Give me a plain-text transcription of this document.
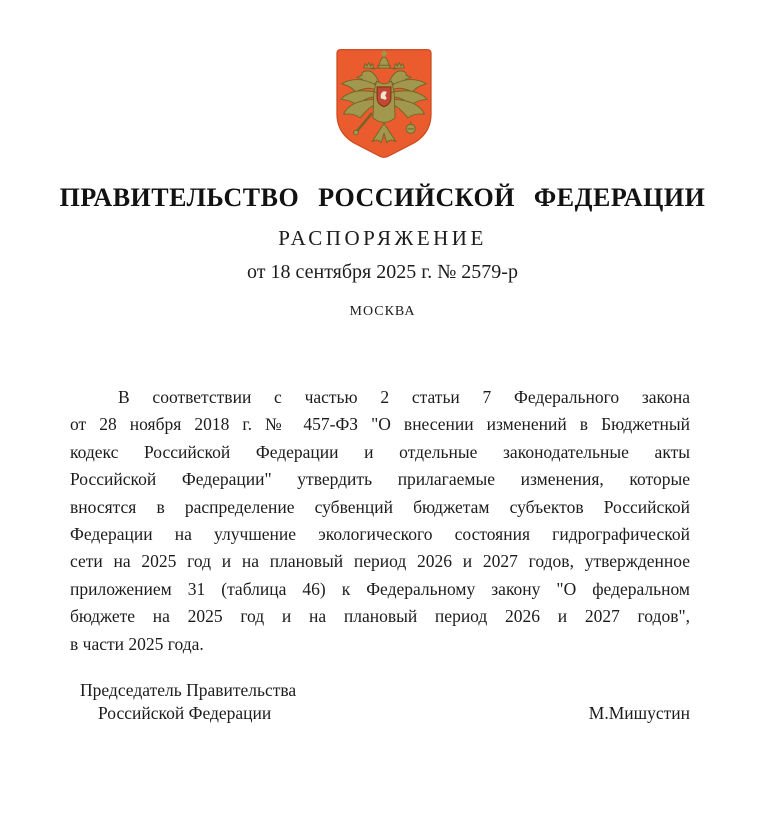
ПРАВИТЕЛЬСТВО РОССИЙСКОЙ ФЕДЕРАЦИИ
РАСПОРЯЖЕНИЕ
от 18 сентября 2025 г. № 2579-р
МОСКВА
В соответствии с частью 2 статьи 7 Федерального закона
от 28 ноября 2018 г. № 457-ФЗ "О внесении изменений в Бюджетный
кодекс Российской Федерации и отдельные законодательные акты
Российской Федерации" утвердить прилагаемые изменения, которые
вносятся в распределение субвенций бюджетам субъектов Российской
Федерации на улучшение экологического состояния гидрографической
сети на 2025 год и на плановый период 2026 и 2027 годов, утвержденное
приложением 31 (таблица 46) к Федеральному закону "О федеральном
бюджете на 2025 год и на плановый период 2026 и 2027 годов",
в части 2025 года.
Председатель Правительства
Российской Федерации	М.Мишустин
